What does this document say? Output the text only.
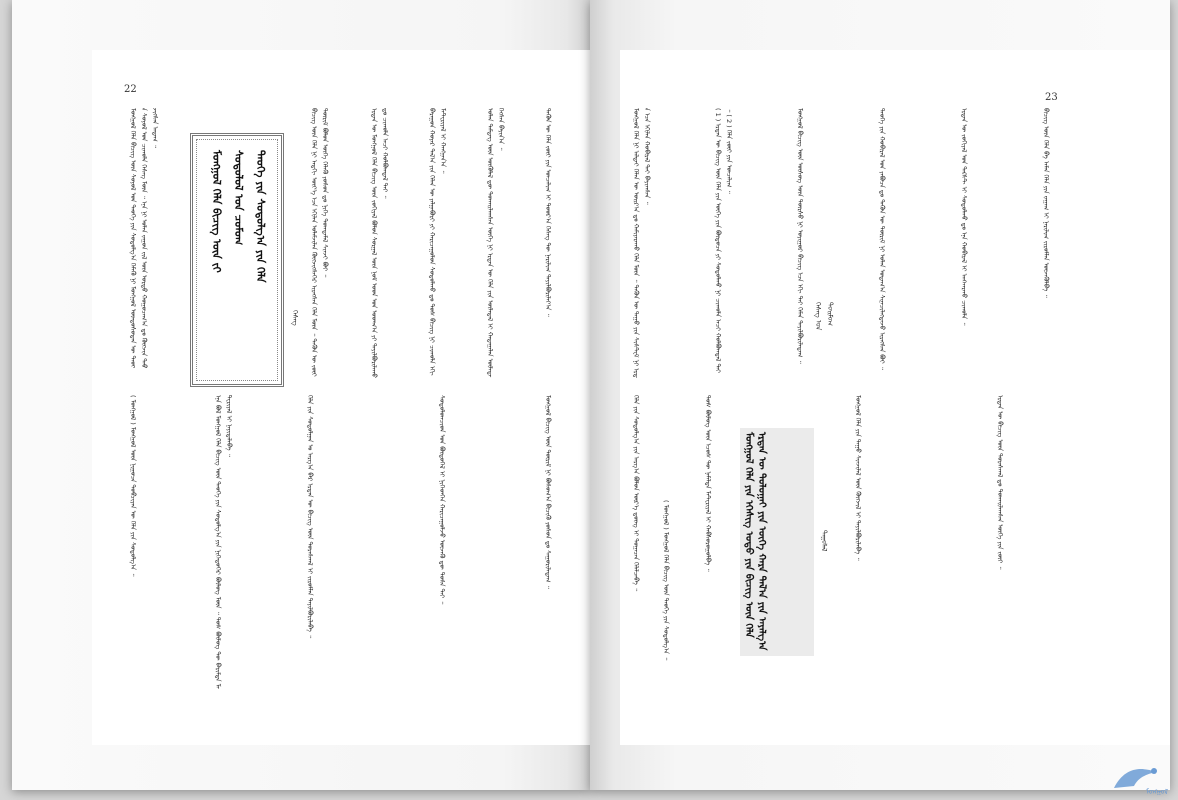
22
ᠮᠣᠩᠭᠣᠯ ᠬᠡᠯᠡ ᠪᠢᠴᠢᠭ ᠦᠨ ᠰᠣᠶᠤᠯ ᠤᠨ ᠲᠡᠦᠬᠡ ᠶᠢᠨ ᠰᠤᠳᠤᠯᠭ᠎ᠠ ᠬᠡᠮᠡᠬᠦ ᠨᠢ ᠮᠣᠩᠭᠣᠯ ᠦᠨᠳᠦᠰᠦᠲᠡᠨ ᠦ ᠲᠡᠦᠬᠡ ᠰᠣᠶᠤᠯ ᠤᠨ ᠴᠢᠬᠤᠯᠠ ᠬᠡᠰᠡᠭ ᠮᠥᠨ ᠃ ᠡᠨᠡ ᠨᠢ ᠣᠯᠠᠨ ᠵᠠᠭᠤᠨ ᠵᠢᠯ ᠦᠨ ᠤᠷᠲᠤ ᠬᠤᠭᠤᠴᠠᠭ᠎ᠠ ᠳᠤ ᠬᠦᠭᠵᠢᠨ ᠳᠡᠪᠵᠢᠭᠰᠡᠨ ᠠᠳᠠᠭ ᠃
ᠮᠣᠩᠭᠣᠯ ᠬᠡᠯᠡ ᠪᠢᠴᠢᠭ ᠦᠨ ᠵᠢ ᠰᠤᠳᠤᠯᠤᠯ ᠤᠨ ᠴᠤᠮᠤᠭ ᠲᠡᠦᠬᠡ ᠶᠢᠨ ᠰᠤᠳᠤᠯᠭ᠎ᠠ ᠶᠢᠨ ᠬᠡᠯᠡ
ᠬᠡᠰᠡᠭ	ᠪᠢᠴᠢᠭ ᠦᠨ ᠬᠡᠯᠡ ᠨᠢ ᠠᠳ᠋ᠬᠢ ᠦᠶ᠎ᠡ ᠡᠴᠡ ᠡᠬᠢᠯᠡᠨ ᠤᠯᠠᠮᠵᠢᠯᠠᠨ ᠬᠥᠭᠵᠢᠭᠰᠡᠭᠡᠷ ᠢᠷᠡᠭᠰᠡᠨ ᠬᠡᠯᠡ ᠮᠥᠨ ᠃ ᠲᠡᠭᠦᠨ ᠦ ᠵᠦᠢ ᠳᠦᠷᠢᠮ ᠪᠣᠯᠤᠨ ᠦᠭᠡ ᠬᠡᠯᠡᠬᠦ ᠶᠣᠰᠣᠨ ᠳᠤ ᠨᠢᠭᠡ ᠲᠣᠭᠲᠠᠮᠠᠯ ᠰᠢᠨᠵᠢ ᠪᠤᠢ ᠃	ᠡᠷᠲᠡᠨ ᠦ ᠮᠣᠩᠭᠣᠯ ᠬᠡᠯᠡ ᠪᠢᠴᠢᠭ ᠦᠨ ᠵᠣᠬᠢᠶᠠᠯ ᠪᠣᠯᠤᠨ ᠰᠤᠷᠭᠠᠯ ᠦᠨ ᠨᠣᠮ ᠤᠳ ᠤᠨ ᠤᠳᠬ᠎ᠠ ᠶᠢ ᠲᠠᠶᠢᠯᠪᠤᠷᠢᠯᠠᠬᠤ ᠳᠤ ᠴᠢᠬᠤᠯᠠ ᠠᠴᠢ ᠬᠣᠯᠪᠣᠭᠳᠠᠯ ᠲᠠᠢ ᠃	ᠪᠠᠷᠠᠭᠤᠨ ᠬᠣᠶᠠᠷ ᠲᠠᠯ᠎ᠠ ᠶᠢᠨ ᠬᠡᠯᠡᠨ ᠦ ᠶᠠᠯᠭᠠᠪᠤᠷᠢ ᠶᠢ ᠬᠠᠷᠢᠴᠠᠭᠤᠯᠤᠨ ᠰᠤᠳᠤᠯᠬᠤ ᠳᠤ ᠲᠤᠰ ᠪᠢᠴᠢᠭ ᠨᠢ ᠴᠢᠬᠤᠯᠠ ᠡᠬᠢ ᠮᠠᠲ᠋ᠧᠷᠢᠶᠠᠯ ᠢ ᠬᠠᠩᠭᠠᠨ᠎ᠠ ᠃	ᠣᠯᠠᠨ ᠲᠡᠮᠳᠡᠭ ᠦᠨ ᠦᠬᠦᠯᠡᠯ ᠳᠦ ᠲᠤᠬᠠᠢᠯᠠᠭᠰᠠᠨ ᠦᠭᠡ ᠨᠢ ᠡᠷᠲᠡᠨ ᠦ ᠬᠡᠯᠡ ᠶᠢᠨ ᠦᠯᠡᠳᠡᠯ ᠢ ᠬᠠᠳᠠᠭᠠᠯᠠᠨ ᠦᠯᠡᠳᠡᠭᠡᠭᠰᠡᠨ ᠪᠠᠶᠢᠨ᠎ᠠ ᠃	ᠲᠡᠭᠦᠨ ᠦ ᠬᠡᠯᠡ ᠵᠦᠢ ᠶᠢᠨ ᠣᠨᠴᠠᠯᠢᠭ ᠢ ᠳᠣᠣᠷ᠎ᠠ ᠬᠡᠰᠡᠭ ᠲᠦ ᠨᠠᠷᠢᠯᠢᠭ ᠲᠠᠶᠢᠯᠪᠤᠷᠢᠯᠠᠶ᠎ᠠ ᠃
( ᠮᠣᠩᠭᠣᠯ ) ᠮᠣᠩᠭᠣᠯ ᠦᠨ ᠨᠢᠭᠤᠴᠠ ᠲᠣᠪᠴᠢᠶᠠᠨ ᠦ ᠬᠡᠯᠡ ᠶᠢᠨ ᠰᠤᠳᠤᠯᠭ᠎ᠠ ᠃	ᠡᠨᠡ ᠪᠣᠯ ᠮᠣᠩᠭᠣᠯ ᠬᠡᠯᠡ ᠪᠢᠴᠢᠭ ᠦᠨ ᠲᠡᠦᠬᠡ ᠶᠢᠨ ᠰᠤᠳᠤᠯᠭ᠎ᠠ ᠶᠢᠨ ᠨᠢᠭᠡᠳᠦᠭᠡᠷ ᠪᠦᠯᠦᠭ ᠮᠥᠨ ᠃ ᠲᠤᠰ ᠪᠦᠯᠦᠭ ᠲᠦ ᠪᠠᠷᠢᠮᠲᠠ ᠮᠠᠲ᠋ᠧᠷᠢᠶᠠᠯ ᠢ ᠨᠡᠶᠢᠲᠡᠯᠡᠪᠡ ᠃	ᠬᠡᠯᠡ ᠶᠢᠨ ᠰᠤᠳᠤᠯᠭᠠᠨ ᠤ ᠠᠷᠭ᠎ᠠ ᠪᠠᠷ ᠡᠷᠲᠡᠨ ᠦ ᠪᠢᠴᠢᠭ ᠦᠨ ᠳᠤᠷᠠᠰᠬᠠᠯ ᠢ ᠵᠢᠷᠤᠮᠯᠠᠨ ᠲᠠᠶᠢᠯᠪᠤᠷᠢᠯᠠᠪᠠ ᠃	ᠰᠤᠳᠤᠯᠤᠭᠴᠢᠳ ᠤᠨ ᠪᠦᠲᠦᠭᠡᠯ ᠢ ᠨᠢᠭᠡᠳᠬᠡᠨ ᠬᠠᠷᠢᠴᠠᠭᠤᠯᠵᠤ ᠦᠵᠡᠬᠦ ᠳᠦ ᠲᠤᠰᠠ ᠲᠠᠢ ᠃	ᠮᠣᠩᠭᠣᠯ ᠪᠢᠴᠢᠭ ᠦᠨ ᠳᠦᠷᠢᠮ ᠨᠢ ᠪᠣᠰᠤᠭ᠎ᠠ ᠪᠢᠴᠢᠬᠦ ᠶᠣᠰᠣᠨ ᠳᠤ ᠰᠠᠭᠤᠷᠢᠯᠠᠳᠠᠭ ᠃
23
ᠮᠣᠩᠭᠣᠯ ᠬᠡᠯᠡ ᠨᠢ ᠠᠯᠲᠠᠢ ᠬᠡᠯᠡᠨ ᠦ ᠣᠢᠷ᠎ᠠ ᠳᠤ ᠬᠠᠮᠢᠶᠠᠷᠠᠬᠤ ᠬᠡᠯᠡ ᠮᠥᠨ ᠃ ᠲᠡᠭᠦᠨ ᠦ ᠳᠠᠭᠤ ᠶᠢᠨ ᠰᠢᠰᠲ᠋ᠧᠮ ᠨᠢ ᠡᠷᠲᠡ ᠡᠴᠡ ᠡᠬᠢᠯᠡᠨ ᠬᠤᠪᠢᠷᠠᠯ ᠲᠠᠢ ᠪᠠᠶᠢᠭᠰᠠᠨ ᠃	( 1 ) ᠡᠷᠲᠡᠨ ᠦ ᠪᠢᠴᠢᠭ ᠦᠨ ᠬᠡᠯᠡ ᠶᠢᠨ ᠦᠭᠡ ᠶᠢᠨ ᠪᠦᠲᠦᠴᠡ ᠶᠢ ᠰᠤᠳᠤᠯᠬᠤ ᠨᠢ ᠴᠢᠬᠤᠯᠠ ᠠᠴᠢ ᠬᠣᠯᠪᠣᠭᠳᠠᠯ ᠲᠠᠢ ᠃ ( 2 ) ᠬᠡᠯᠡ ᠵᠦᠢ ᠶᠢᠨ ᠣᠨᠴᠠᠯᠢᠭ ᠃	ᠮᠣᠩᠭᠣᠯ ᠪᠢᠴᠢᠭ ᠦᠨ ᠦᠰᠦᠭ ᠦᠨ ᠳᠦᠷᠰᠦ ᠨᠢ ᠤᠶᠢᠭᠤᠷ ᠪᠢᠴᠢᠭ ᠡᠴᠡ ᠡᠬᠢ ᠲᠠᠢ ᠬᠡᠮᠡᠨ ᠲᠠᠶᠢᠯᠪᠤᠷᠢᠯᠠᠳᠠᠭ ᠃	ᠲᠡᠦᠬᠡ ᠶᠢᠨ ᠬᠤᠪᠢᠷᠠᠯ ᠤᠨ ᠶᠠᠪᠤᠴᠠ ᠳᠤ ᠲᠡᠭᠦᠨ ᠦ ᠳᠦᠷᠢᠮ ᠨᠢ ᠣᠯᠠᠨ ᠤᠳᠠᠭ᠎ᠠ ᠰᠢᠨᠡᠴᠢᠯᠡᠭᠳᠡᠵᠦ ᠢᠷᠡᠭᠰᠡᠨ ᠪᠤᠢ ᠃	ᠡᠷᠲᠡᠨ ᠦ ᠵᠣᠬᠢᠶᠠᠯ ᠤᠨ ᠲᠡᠺᠰᠲ ᠢ ᠰᠤᠳᠤᠯᠬᠤ ᠳᠤ ᠡᠨᠡ ᠬᠤᠪᠢᠷᠠᠯ ᠢ ᠠᠩᠬᠠᠷᠬᠤ ᠴᠢᠬᠤᠯᠠ ᠃	ᠪᠢᠴᠢᠭ ᠦᠨ ᠬᠡᠯᠡ ᠪᠠ ᠠᠮᠠᠨ ᠬᠡᠯᠡ ᠶᠢᠨ ᠵᠠᠭᠠᠭ ᠢ ᠨᠠᠷᠢᠯᠢᠭ ᠵᠢᠷᠤᠮᠯᠠᠨ ᠦᠵᠡᠭᠦᠯᠪᠡ ᠃
ᠬᠡᠯᠡ ᠶᠢᠨ ᠰᠤᠳᠤᠯᠭ᠎ᠠ ᠶᠢᠨ ᠠᠷᠭ᠎ᠠ ᠪᠣᠯᠤᠨ ᠦᠷ᠎ᠡ ᠳ᠋ᠦᠩ ᠢ ᠲᠣᠭᠠᠴᠠᠨ ᠬᠡᠯᠡᠯᠴᠡᠪᠡ ᠃	ᠲᠤᠰ ᠪᠦᠯᠦᠭ ᠦᠨ ᠡᠴᠦᠰ ᠲᠦ ᠨᠡᠮᠡᠯᠲᠡ ᠮᠠᠲ᠋ᠧᠷᠢᠶᠠᠯ ᠢ ᠬᠠᠪᠰᠤᠷᠤᠭᠤᠯᠪᠠ ᠃	ᠮᠣᠩᠭᠣᠯ ᠬᠡᠯᠡ ᠶᠢᠨ ᠡᠭᠡᠰᠢᠭ ᠣᠳᠣ ᠶᠢᠨ ᠪᠢᠴᠢᠭ ᠦᠨ ᠬᠡᠯᠡ ᠡᠷᠲᠡᠨ ᠦ ᠲᠤᠯᠤᠭᠠᠢ ᠶᠢᠨ ᠦᠭᠡ ᠬᠠᠷᠠ ᠲᠠᠯ᠎ᠠ ᠶᠢᠨ ᠠᠶᠠᠯᠭ᠎ᠠ
ᠳᠠᠭᠤᠯᠠᠯ
( ᠮᠣᠩᠭᠣᠯ ) ᠮᠣᠩᠭᠣᠯ ᠬᠡᠯᠡ ᠪᠢᠴᠢᠭ ᠦᠨ ᠲᠡᠦᠬᠡ ᠶᠢᠨ ᠰᠤᠳᠤᠯᠭ᠎ᠠ ᠃
ᠮᠣᠩᠭᠣᠯ ᠬᠡᠯᠡ ᠶᠢᠨ ᠳᠠᠭᠤ ᠰᠢᠨᠵᠢᠯᠡᠯ ᠦᠨ ᠬᠥᠭᠵᠢᠯ ᠢ ᠲᠠᠶᠢᠯᠪᠤᠷᠢᠯᠠᠪᠠ ᠃	ᠡᠷᠲᠡᠨ ᠦ ᠪᠢᠴᠢᠭ ᠦᠨ ᠳᠤᠷᠠᠰᠬᠠᠯ ᠳᠤ ᠲᠤᠬᠠᠢᠯᠠᠭᠰᠠᠨ ᠦᠭᠡ ᠶᠢᠨ ᠵᠦᠢ ᠃
ᠬᠡᠰᠡᠭ ᠤᠨ ᠲᠣᠢᠮᠣᠭ
ᠮᠣᠩᠭᠣᠯ
